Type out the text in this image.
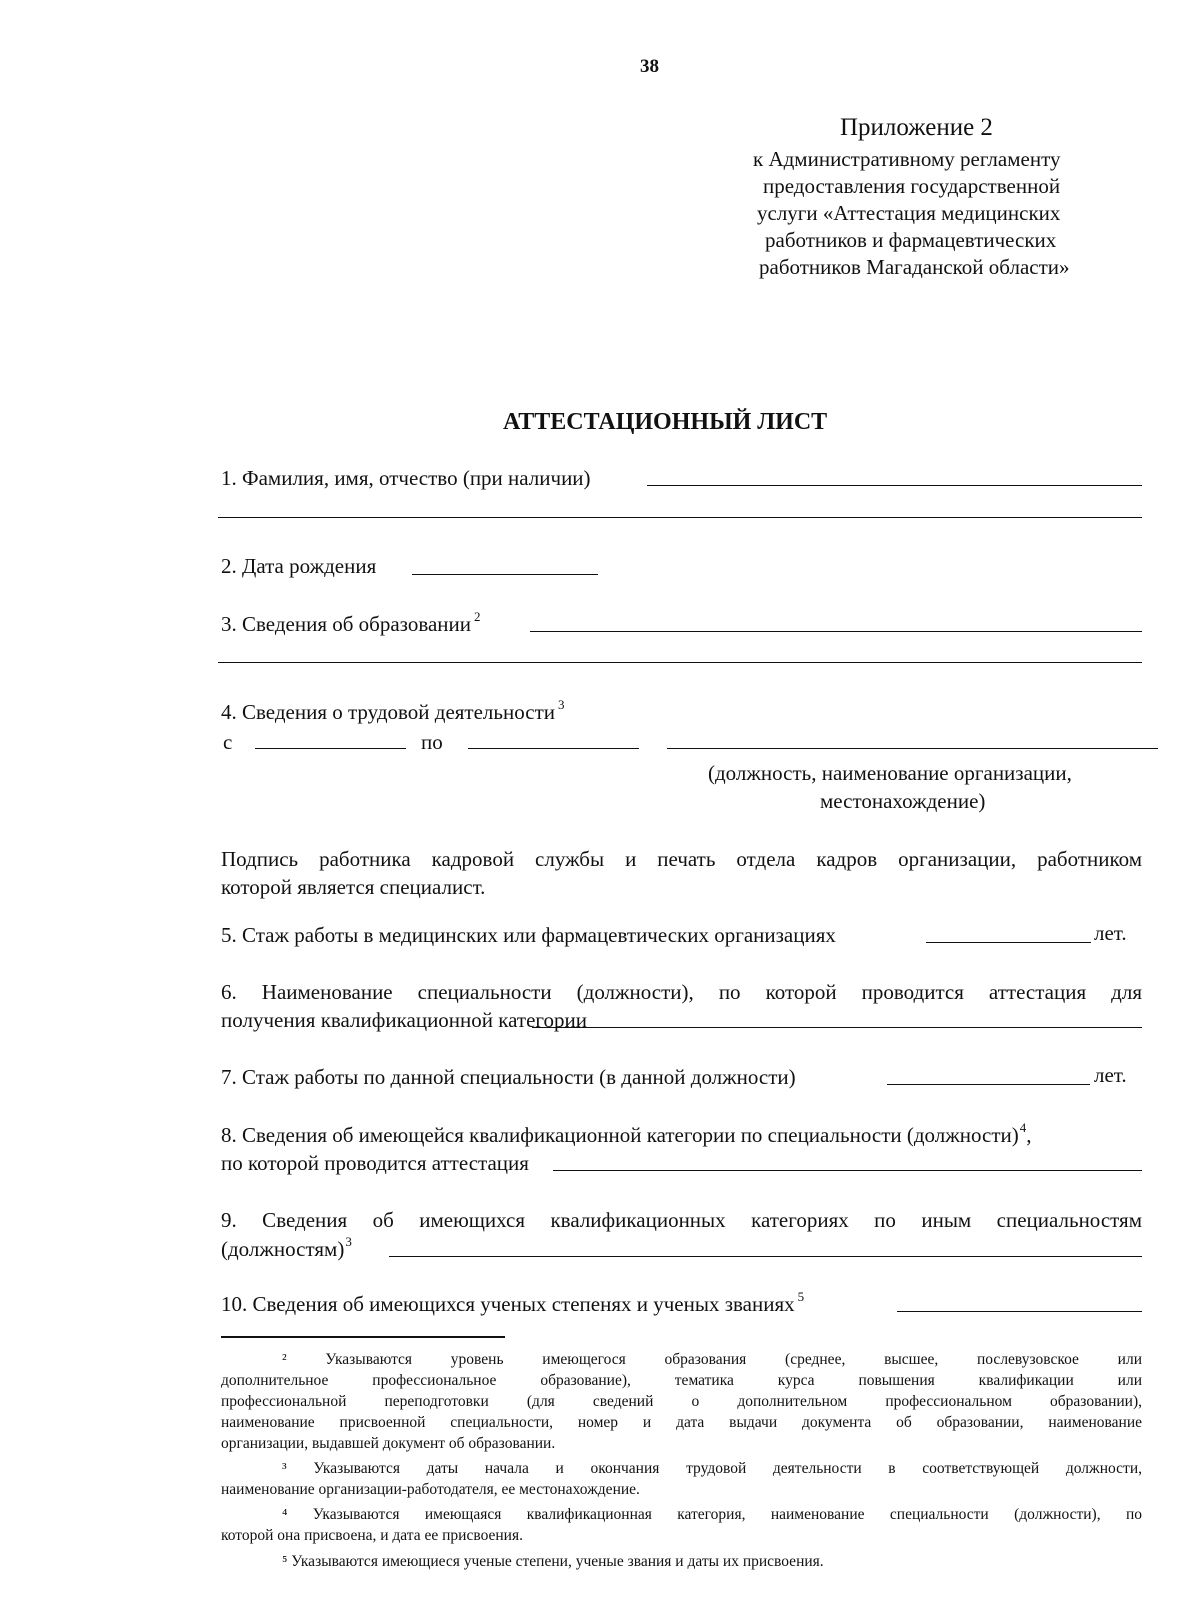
38
Приложение 2
к Административному регламенту
предоставления государственной
услуги «Аттестация медицинских
работников и фармацевтических
работников Магаданской области»
АТТЕСТАЦИОННЫЙ ЛИСТ
1. Фамилия, имя, отчество (при наличии)
2. Дата рождения
3. Сведения об образовании $^2$
4. Сведения о трудовой деятельности $^3$
с	по
(должность, наименование организации,
местонахождение)
Подпись работника кадровой службы и печать отдела кадров организации, работником
которой является специалист.
5. Стаж работы в медицинских или фармацевтических организациях	лет.
6. Наименование специальности (должности), по которой проводится аттестация для
получения квалификационной категории
7. Стаж работы по данной специальности (в данной должности)	лет.
8. Сведения об имеющейся квалификационной категории по специальности (должности)$^4$,
по которой проводится аттестация
9. Сведения об имеющихся квалификационных категориях по иным специальностям
(должностям)$^3$
10. Сведения об имеющихся ученых степенях и ученых званиях $^5$
² Указываются уровень имеющегося образования (среднее, высшее, послевузовское или
дополнительное профессиональное образование), тематика курса повышения квалификации или
профессиональной переподготовки (для сведений о дополнительном профессиональном образовании),
наименование присвоенной специальности, номер и дата выдачи документа об образовании, наименование
организации, выдавшей документ об образовании.
³ Указываются даты начала и окончания трудовой деятельности в соответствующей должности,
наименование организации-работодателя, ее местонахождение.
⁴ Указываются имеющаяся квалификационная категория, наименование специальности (должности), по
которой она присвоена, и дата ее присвоения.
⁵ Указываются имеющиеся ученые степени, ученые звания и даты их присвоения.
